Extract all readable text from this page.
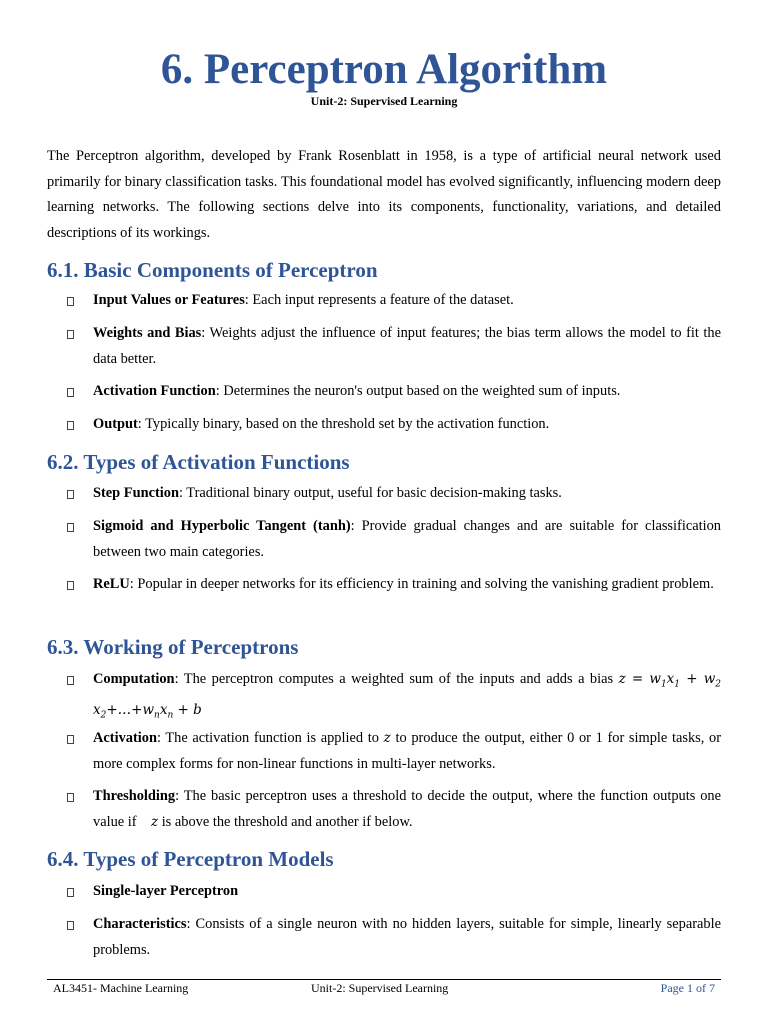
6. Perceptron Algorithm
Unit-2: Supervised Learning

The Perceptron algorithm, developed by Frank Rosenblatt in 1958, is a type of artificial neural network used primarily for binary classification tasks. This foundational model has evolved significantly, influencing modern deep learning networks. The following sections delve into its components, functionality, variations, and detailed descriptions of its workings.

6.1. Basic Components of Perceptron
Input Values or Features: Each input represents a feature of the dataset.
Weights and Bias: Weights adjust the influence of input features; the bias term allows the model to fit the data better.
Activation Function: Determines the neuron's output based on the weighted sum of inputs.
Output: Typically binary, based on the threshold set by the activation function.
6.2. Types of Activation Functions
Step Function: Traditional binary output, useful for basic decision-making tasks.
Sigmoid and Hyperbolic Tangent (tanh): Provide gradual changes and are suitable for classification between two main categories.
ReLU: Popular in deeper networks for its efficiency in training and solving the vanishing gradient problem.
6.3. Working of Perceptrons
Computation: The perceptron computes a weighted sum of the inputs and adds a bias $z = w_1x_1 + w_2$ $x_2+\dots+w_nx_n + b$
Activation: The activation function is applied to z to produce the output, either 0 or 1 for simple tasks, or more complex forms for non-linear functions in multi-layer networks.
Thresholding: The basic perceptron uses a threshold to decide the output, where the function outputs one value if z is above the threshold and another if below.
6.4. Types of Perceptron Models
Single-layer Perceptron
Characteristics: Consists of a single neuron with no hidden layers, suitable for simple, linearly separable problems.
AL3451- Machine Learning	Unit-2: Supervised Learning	Page 1 of 7
